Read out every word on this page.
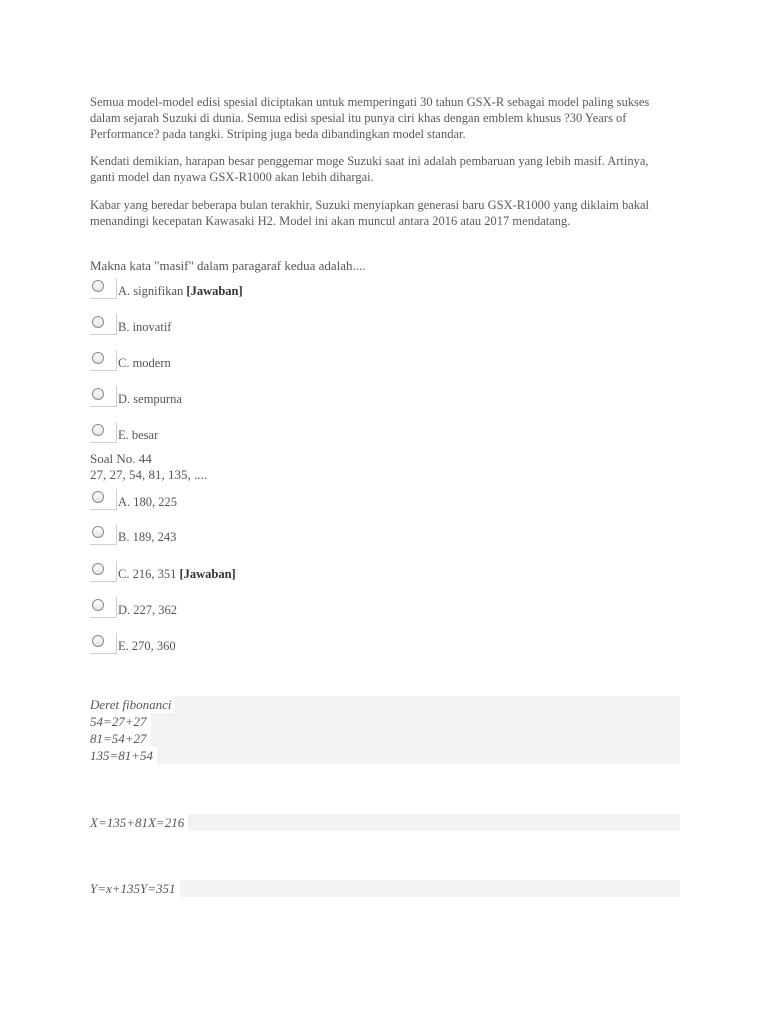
Semua model-model edisi spesial diciptakan untuk memperingati 30 tahun GSX-R sebagai model paling sukses dalam sejarah Suzuki di dunia. Semua edisi spesial itu punya ciri khas dengan emblem khusus ?30 Years of Performance? pada tangki. Striping juga beda dibandingkan model standar.

Kendati demikian, harapan besar penggemar moge Suzuki saat ini adalah pembaruan yang lebih masif. Artinya, ganti model dan nyawa GSX-R1000 akan lebih dihargai.

Kabar yang beredar beberapa bulan terakhir, Suzuki menyiapkan generasi baru GSX-R1000 yang diklaim bakal menandingi kecepatan Kawasaki H2. Model ini akan muncul antara 2016 atau 2017 mendatang.

Makna kata "masif" dalam paragaraf kedua adalah....
A. signifikan [Jawaban]
B. inovatif
C. modern
D. sempurna
E. besar
Soal No. 44
27, 27, 54, 81, 135, ....
A. 180, 225
B. 189, 243
C. 216, 351 [Jawaban]
D. 227, 362
E. 270, 360
Deret fibonanci
54=27+27
81=54+27
135=81+54
X=135+81X=216
Y=x+135Y=351
